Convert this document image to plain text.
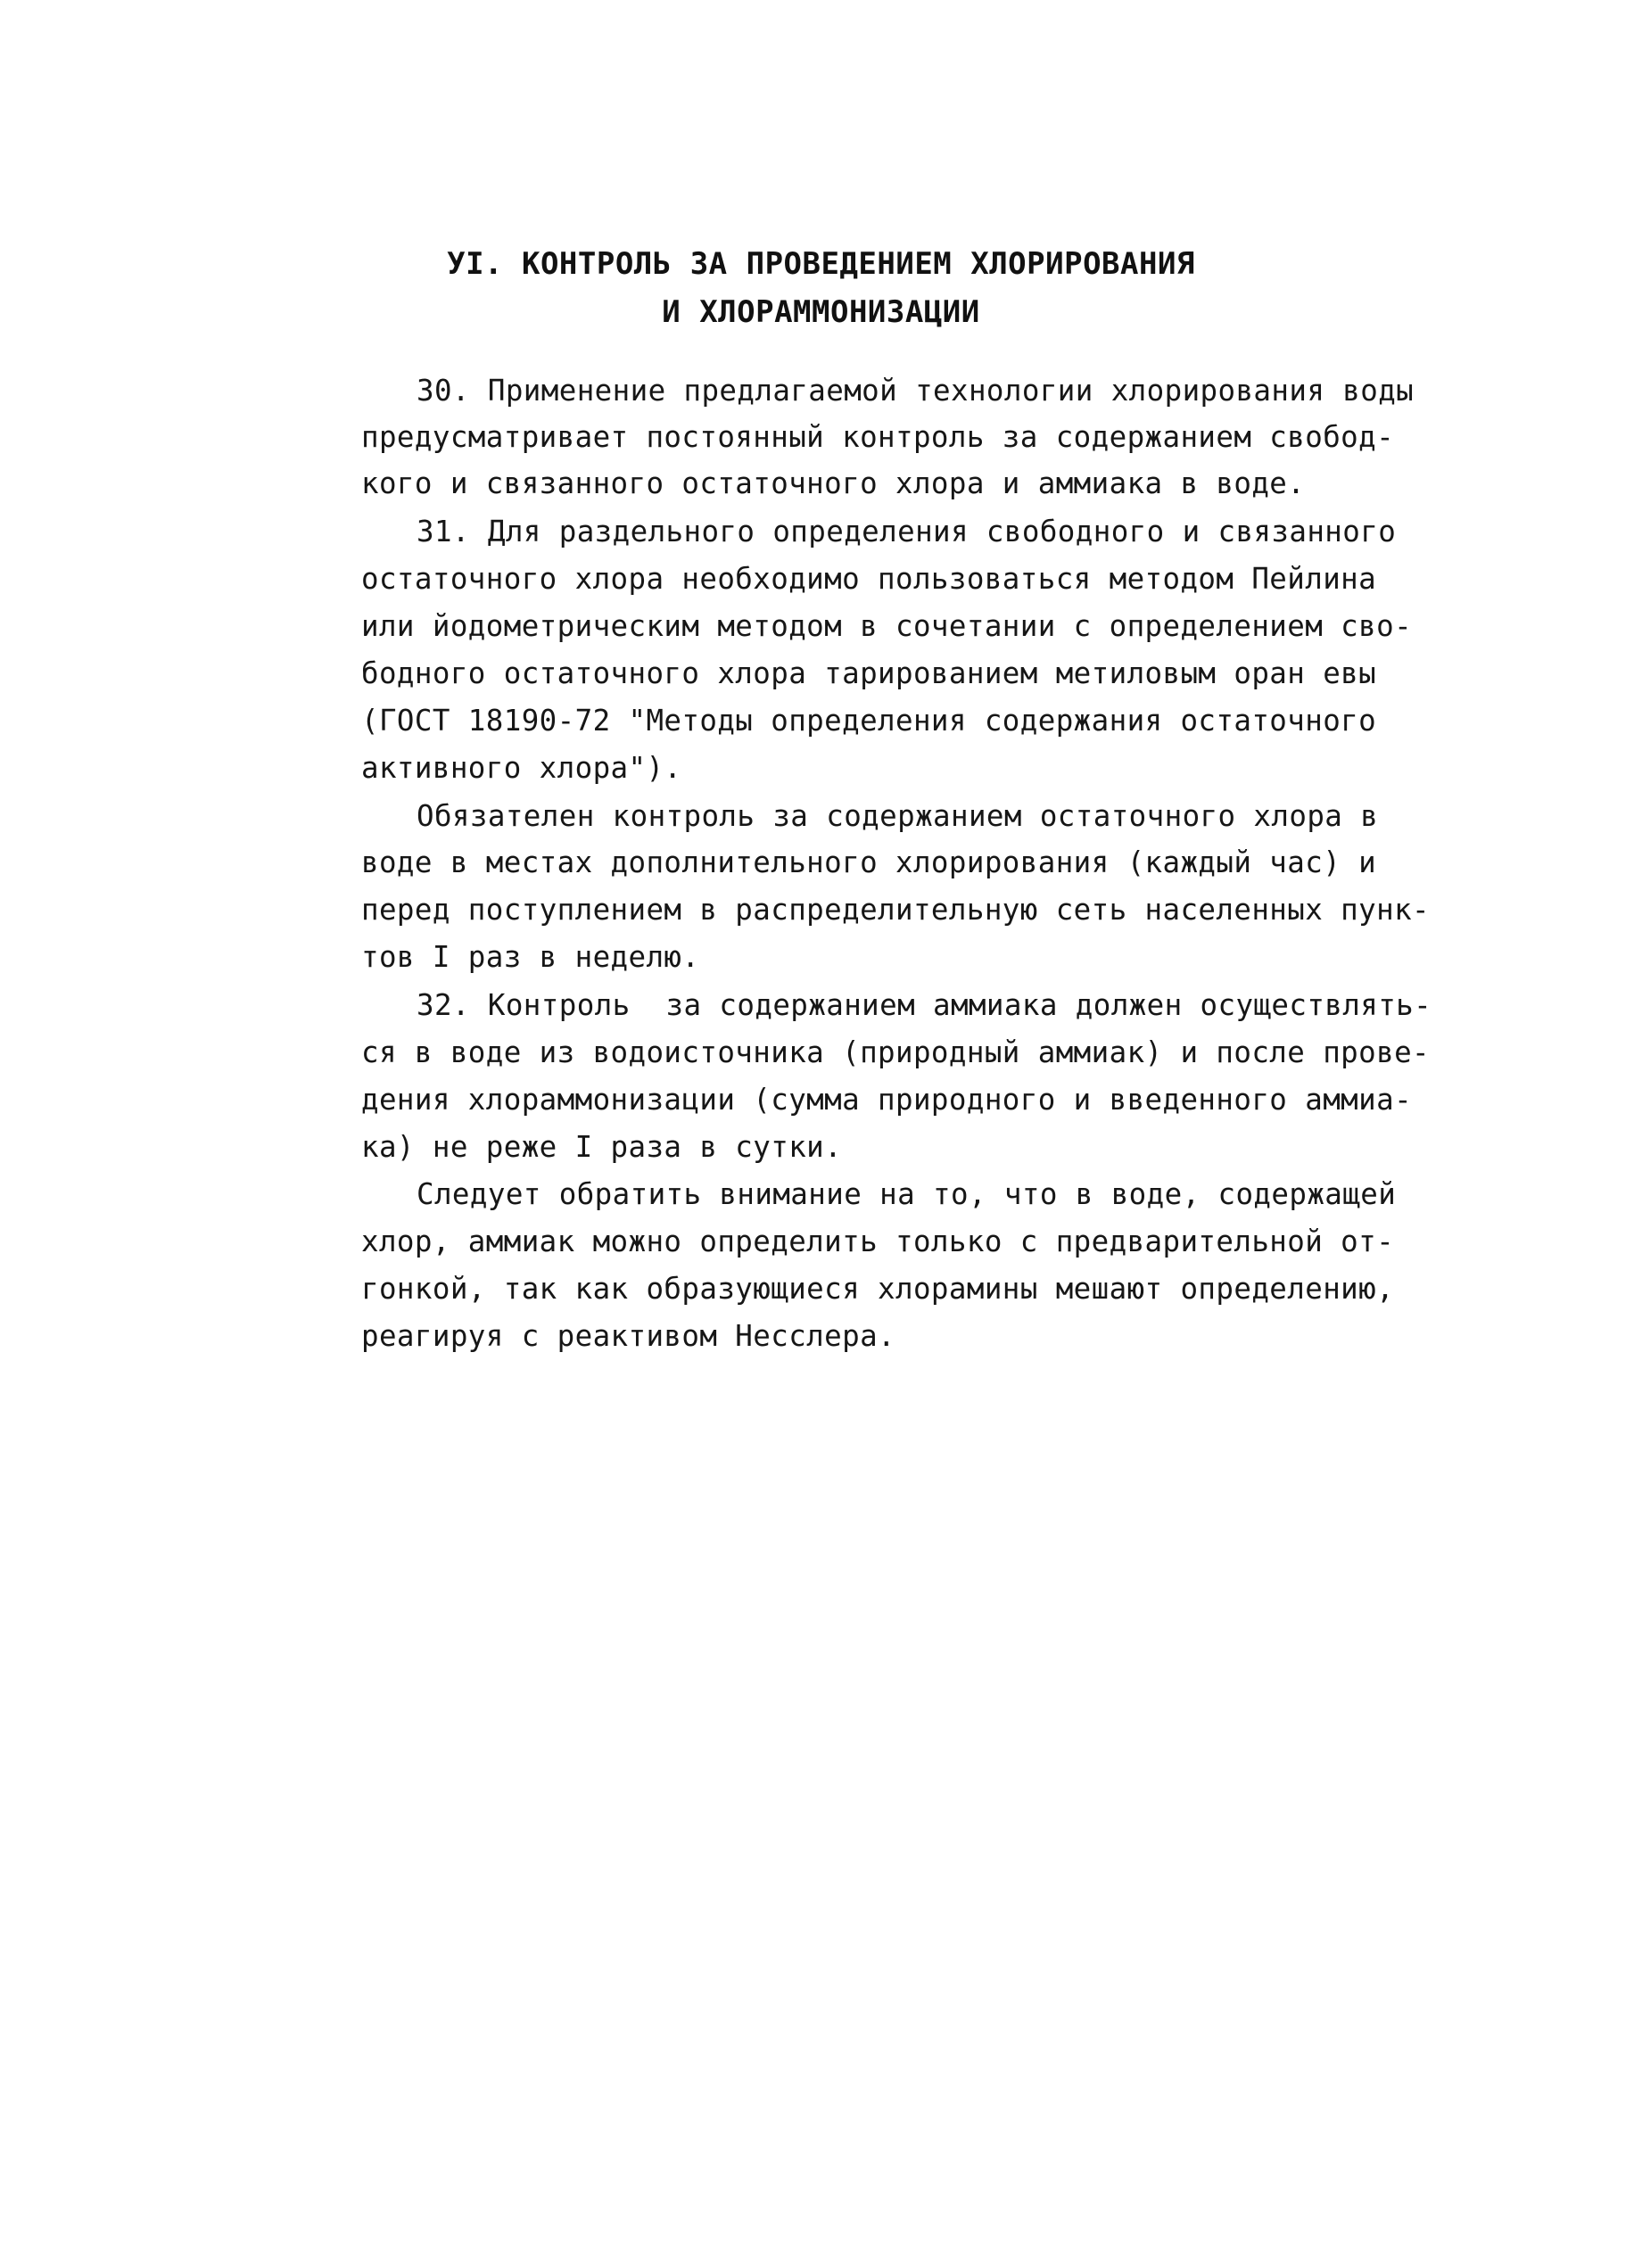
УI. КОНТРОЛЬ ЗА ПРОВЕДЕНИЕМ ХЛОРИРОВАНИЯ
И ХЛОРАММОНИЗАЦИИ
30. Применение предлагаемой технологии хлорирования воды
предусматривает постоянный контроль за содержанием свобод-
кого и связанного остаточного хлора и аммиака в воде.
31. Для раздельного определения свободного и связанного
остаточного хлора необходимо пользоваться методом Пейлина
или йодометрическим методом в сочетании с определением сво-
бодного остаточного хлора тарированием метиловым оран евы
(ГОСТ 18190-72 "Методы определения содержания остаточного
активного хлора").
Обязателен контроль за содержанием остаточного хлора в
воде в местах дополнительного хлорирования (каждый час) и
перед поступлением в распределительную сеть населенных пунк-
тов I раз в неделю.
32. Контроль  за содержанием аммиака должен осуществлять-
ся в воде из водоисточника (природный аммиак) и после прове-
дения хлораммонизации (сумма природного и введенного аммиа-
ка) не реже I раза в сутки.
Следует обратить внимание на то, что в воде, содержащей
хлор, аммиак можно определить только с предварительной от-
гонкой, так как образующиеся хлорамины мешают определению,
реагируя с реактивом Несслера.
